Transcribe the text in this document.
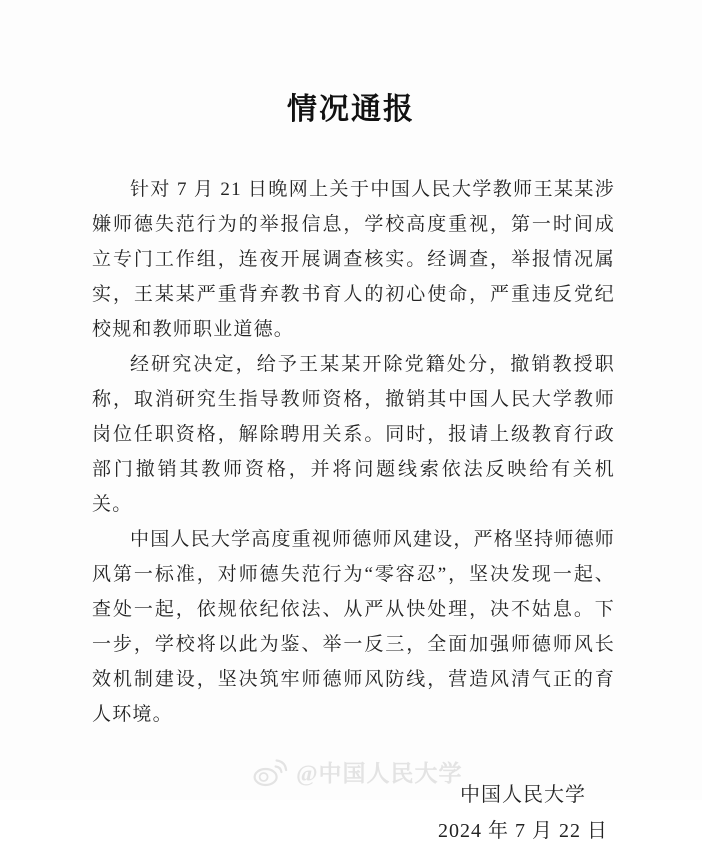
情况通报

针对 7 月 21 日晚网上关于中国人民大学教师王某某涉嫌师德失范行为的举报信息，学校高度重视，第一时间成立专门工作组，连夜开展调查核实。经调查，举报情况属实，王某某严重背弃教书育人的初心使命，严重违反党纪校规和教师职业道德。

经研究决定，给予王某某开除党籍处分，撤销教授职称，取消研究生指导教师资格，撤销其中国人民大学教师岗位任职资格，解除聘用关系。同时，报请上级教育行政部门撤销其教师资格，并将问题线索依法反映给有关机关。

中国人民大学高度重视师德师风建设，严格坚持师德师风第一标准，对师德失范行为“零容忍”，坚决发现一起、查处一起，依规依纪依法、从严从快处理，决不姑息。下一步，学校将以此为鉴、举一反三，全面加强师德师风长效机制建设，坚决筑牢师德师风防线，营造风清气正的育人环境。

中国人民大学
2024 年 7 月 22 日
@中国人民大学
